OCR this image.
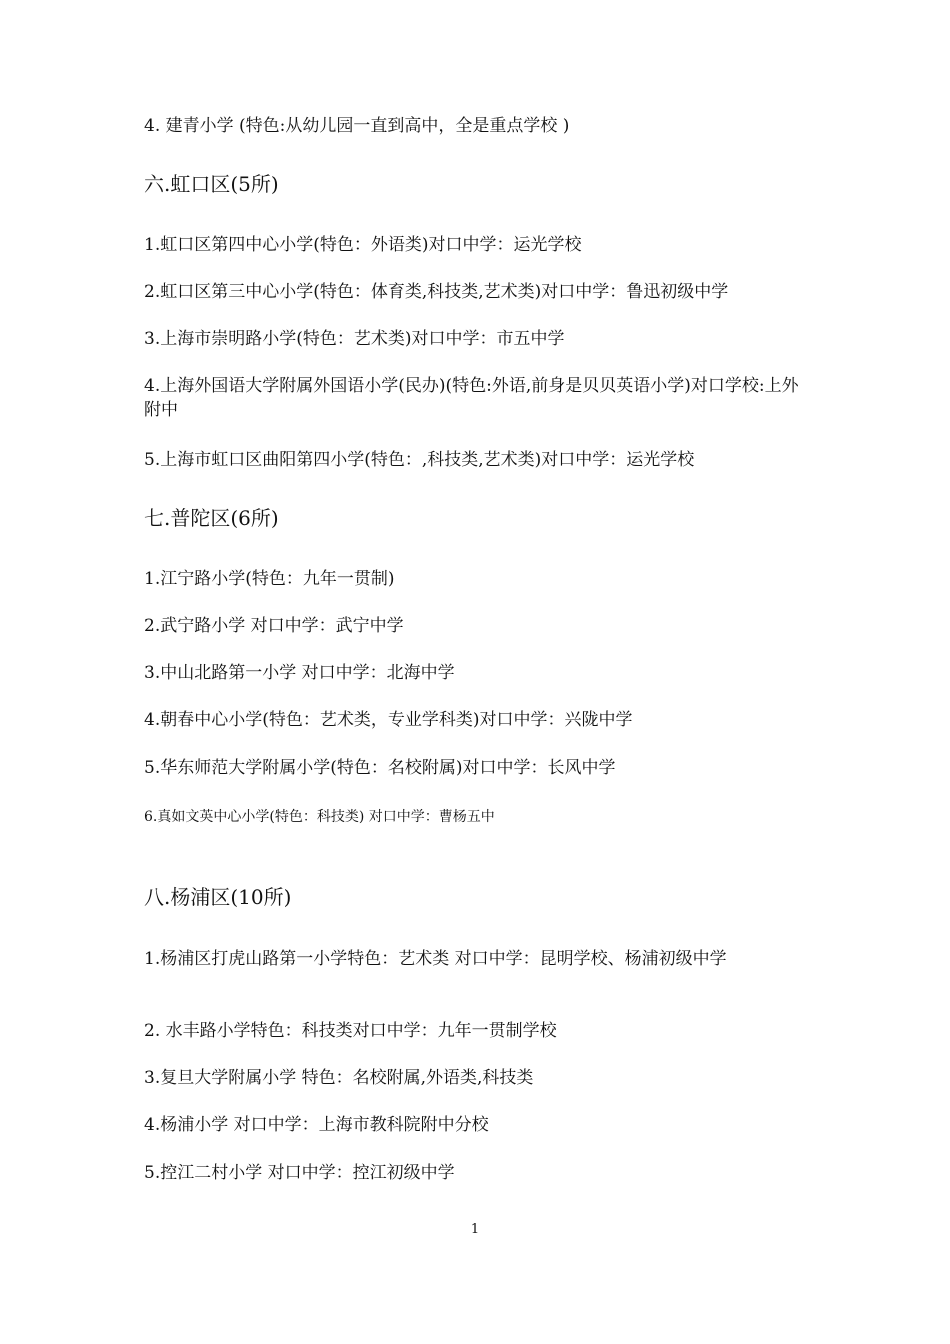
4. 建青小学 (特色:从幼儿园一直到高中，全是重点学校 )
六.虹口区(5所)
1.虹口区第四中心小学(特色：外语类)对口中学：运光学校
2.虹口区第三中心小学(特色：体育类,科技类,艺术类)对口中学：鲁迅初级中学
3.上海市崇明路小学(特色：艺术类)对口中学：市五中学
4.上海外国语大学附属外国语小学(民办)(特色:外语,前身是贝贝英语小学)对口学校:上外附中
5.上海市虹口区曲阳第四小学(特色：,科技类,艺术类)对口中学：运光学校
七.普陀区(6所)
1.江宁路小学(特色：九年一贯制)
2.武宁路小学 对口中学：武宁中学
3.中山北路第一小学 对口中学：北海中学
4.朝春中心小学(特色：艺术类，专业学科类)对口中学：兴陇中学
5.华东师范大学附属小学(特色：名校附属)对口中学：长风中学
6.真如文英中心小学(特色：科技类) 对口中学：曹杨五中
八.杨浦区(10所)
1.杨浦区打虎山路第一小学特色：艺术类 对口中学：昆明学校、杨浦初级中学
2. 水丰路小学特色：科技类对口中学：九年一贯制学校
3.复旦大学附属小学 特色：名校附属,外语类,科技类
4.杨浦小学 对口中学：上海市教科院附中分校
5.控江二村小学 对口中学：控江初级中学
1
